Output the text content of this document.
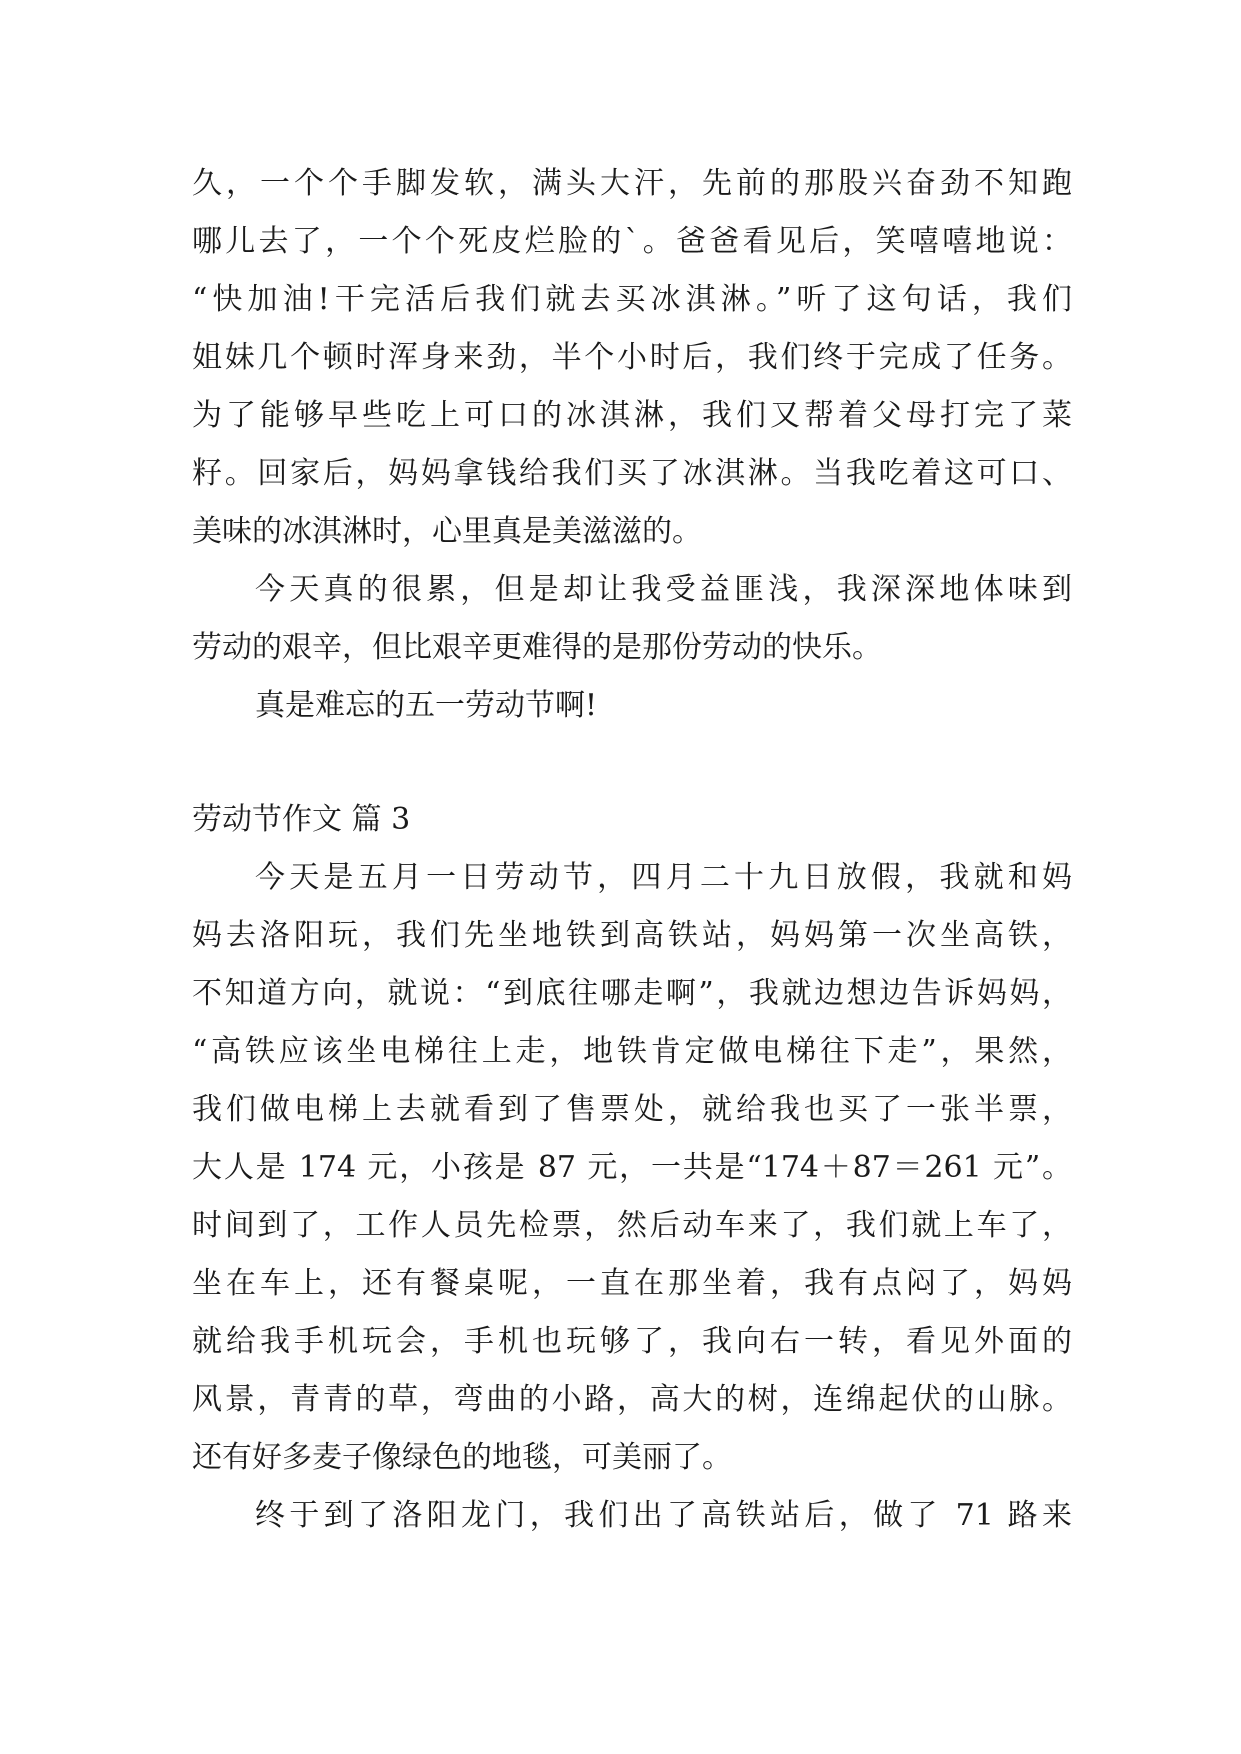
久，一个个手脚发软，满头大汗，先前的那股兴奋劲不知跑
哪儿去了，一个个死皮烂脸的`。爸爸看见后，笑嘻嘻地说：
“快加油!干完活后我们就去买冰淇淋。”听了这句话，我们
姐妹几个顿时浑身来劲，半个小时后，我们终于完成了任务。
为了能够早些吃上可口的冰淇淋，我们又帮着父母打完了菜
籽。回家后，妈妈拿钱给我们买了冰淇淋。当我吃着这可口、
美味的冰淇淋时，心里真是美滋滋的。
今天真的很累，但是却让我受益匪浅，我深深地体味到
劳动的艰辛，但比艰辛更难得的是那份劳动的快乐。
真是难忘的五一劳动节啊!
劳动节作文 篇 3
今天是五月一日劳动节，四月二十九日放假，我就和妈
妈去洛阳玩，我们先坐地铁到高铁站，妈妈第一次坐高铁，
不知道方向，就说：“到底往哪走啊”，我就边想边告诉妈妈，
“高铁应该坐电梯往上走，地铁肯定做电梯往下走”，果然，
我们做电梯上去就看到了售票处，就给我也买了一张半票，
大人是 174 元，小孩是 87 元，一共是“174＋87＝261 元”。
时间到了，工作人员先检票，然后动车来了，我们就上车了，
坐在车上，还有餐桌呢，一直在那坐着，我有点闷了，妈妈
就给我手机玩会，手机也玩够了，我向右一转，看见外面的
风景，青青的草，弯曲的小路，高大的树，连绵起伏的山脉。
还有好多麦子像绿色的地毯，可美丽了。
终于到了洛阳龙门，我们出了高铁站后，做了 71 路来
